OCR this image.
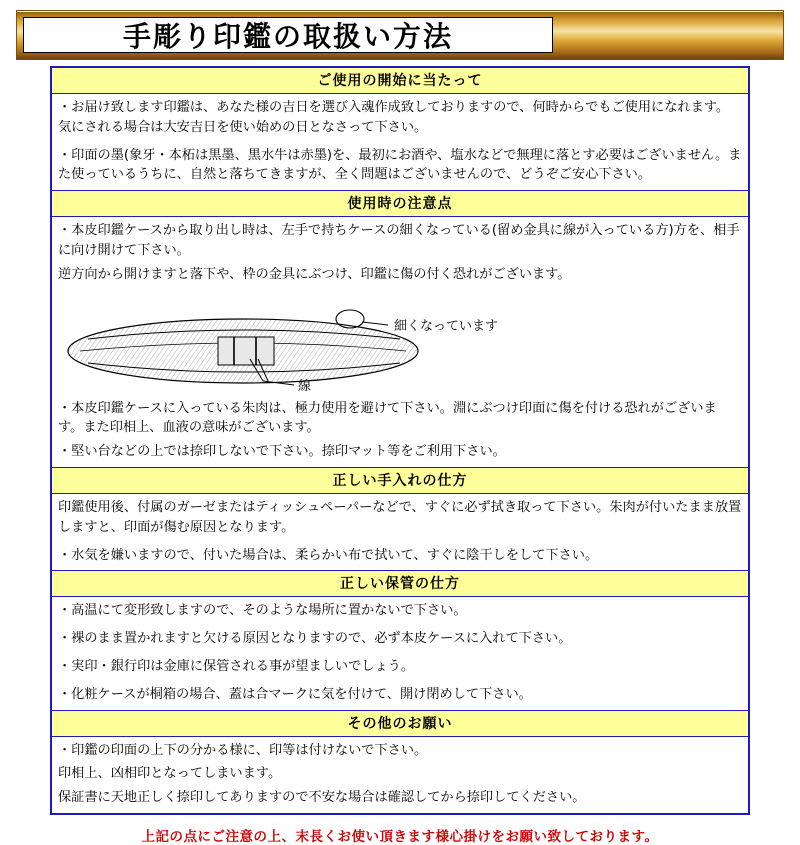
手彫り印鑑の取扱い方法
ご使用の開始に当たって

・お届け致します印鑑は、あなた様の吉日を選び入魂作成致しておりますので、何時からでもご使用になれます。気にされる場合は大安吉日を使い始めの日となさって下さい。

・印面の墨(象牙・本柘は黒墨、黒水牛は赤墨)を、最初にお酒や、塩水などで無理に落とす必要はございません。また使っているうちに、自然と落ちてきますが、全く問題はございませんので、どうぞご安心下さい。

使用時の注意点

・本皮印鑑ケースから取り出し時は、左手で持ちケースの細くなっている(留め金具に線が入っている方)方を、相手に向け開けて下さい。

逆方向から開けますと落下や、枠の金具にぶつけ、印鑑に傷の付く恐れがございます。

細くなっています
線

・本皮印鑑ケースに入っている朱肉は、極力使用を避けて下さい。淵にぶつけ印面に傷を付ける恐れがございます。また印相上、血液の意味がございます。

・堅い台などの上では捺印しないで下さい。捺印マット等をご利用下さい。

正しい手入れの仕方

印鑑使用後、付属のガーゼまたはティッシュペーパーなどで、すぐに必ず拭き取って下さい。朱肉が付いたまま放置しますと、印面が傷む原因となります。

・水気を嫌いますので、付いた場合は、柔らかい布で拭いて、すぐに陰干しをして下さい。

正しい保管の仕方

・高温にて変形致しますので、そのような場所に置かないで下さい。

・裸のまま置かれますと欠ける原因となりますので、必ず本皮ケースに入れて下さい。

・実印・銀行印は金庫に保管される事が望ましいでしょう。

・化粧ケースが桐箱の場合、蓋は合マークに気を付けて、開け閉めして下さい。

その他のお願い

・印鑑の印面の上下の分かる様に、印等は付けないで下さい。

印相上、凶相印となってしまいます。

保証書に天地正しく捺印してありますので不安な場合は確認してから捺印してください。

上記の点にご注意の上、末長くお使い頂きます様心掛けをお願い致しております。
